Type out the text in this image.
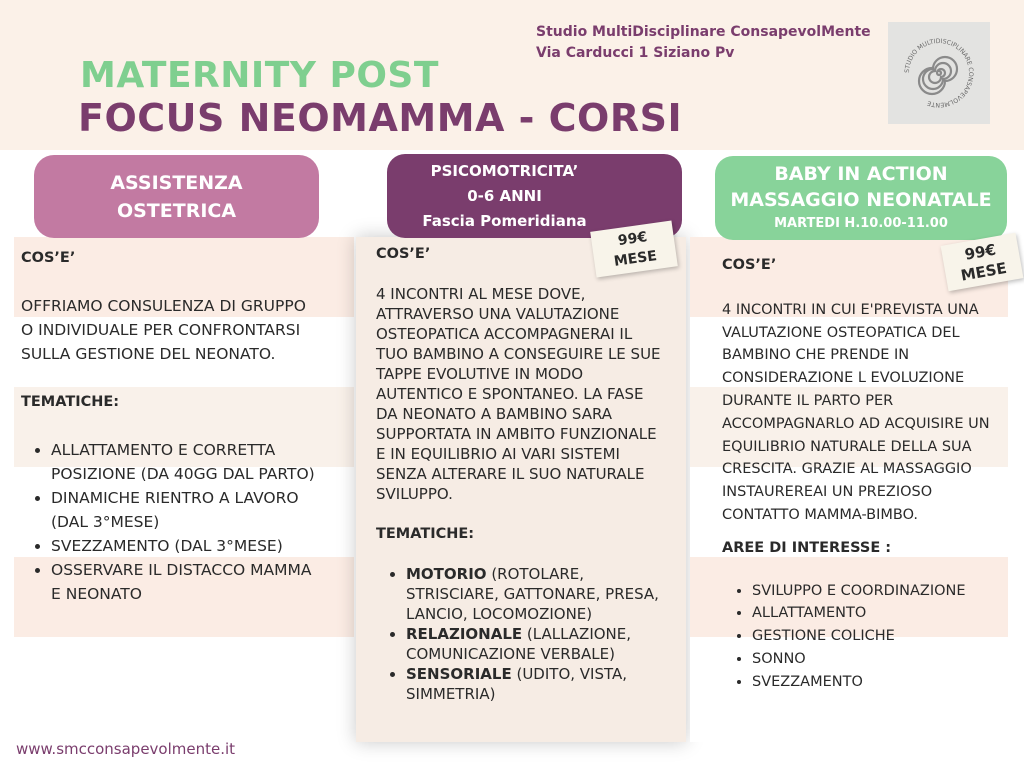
Studio MultiDisciplinare ConsapevolMente
Via Carducci 1 Siziano Pv
STUDIO MULTIDISCIPLINARE CONSAPEVOLMENTE
MATERNITY POST
FOCUS NEOMAMMA - CORSI
ASSISTENZA
OSTETRICA
PSICOMOTRICITA’
0-6 ANNI
Fascia Pomeridiana
BABY IN ACTION
MASSAGGIO NEONATALE
MARTEDI H.10.00-11.00
99€
MESE	99€
MESE
COS’E’

OFFRIAMO CONSULENZA DI GRUPPO O INDIVIDUALE PER CONFRONTARSI SULLA GESTIONE DEL NEONATO.

TEMATICHE:
• ALLATTAMENTO E CORRETTA POSIZIONE (DA 40GG DAL PARTO)
• DINAMICHE RIENTRO A LAVORO (DAL 3°MESE)
• SVEZZAMENTO (DAL 3°MESE)
• OSSERVARE IL DISTACCO MAMMA E NEONATO
COS’E’

4 INCONTRI AL MESE DOVE, ATTRAVERSO UNA VALUTAZIONE OSTEOPATICA ACCOMPAGNERAI IL TUO BAMBINO A CONSEGUIRE LE SUE TAPPE EVOLUTIVE IN MODO AUTENTICO E SPONTANEO. LA FASE DA NEONATO A BAMBINO SARA SUPPORTATA IN AMBITO FUNZIONALE E IN EQUILIBRIO AI VARI SISTEMI SENZA ALTERARE IL SUO NATURALE SVILUPPO.

TEMATICHE:
• MOTORIO (ROTOLARE, STRISCIARE, GATTONARE, PRESA, LANCIO, LOCOMOZIONE)
• RELAZIONALE (LALLAZIONE, COMUNICAZIONE VERBALE)
• SENSORIALE (UDITO, VISTA, SIMMETRIA)
COS’E’

4 INCONTRI IN CUI E'PREVISTA UNA VALUTAZIONE OSTEOPATICA DEL BAMBINO CHE PRENDE IN CONSIDERAZIONE L EVOLUZIONE DURANTE IL PARTO PER ACCOMPAGNARLO AD ACQUISIRE UN EQUILIBRIO NATURALE DELLA SUA CRESCITA. GRAZIE AL MASSAGGIO INSTAUREREAI UN PREZIOSO CONTATTO MAMMA-BIMBO.

AREE DI INTERESSE :
• SVILUPPO E COORDINAZIONE
• ALLATTAMENTO
• GESTIONE COLICHE
• SONNO
• SVEZZAMENTO
www.smcconsapevolmente.it
